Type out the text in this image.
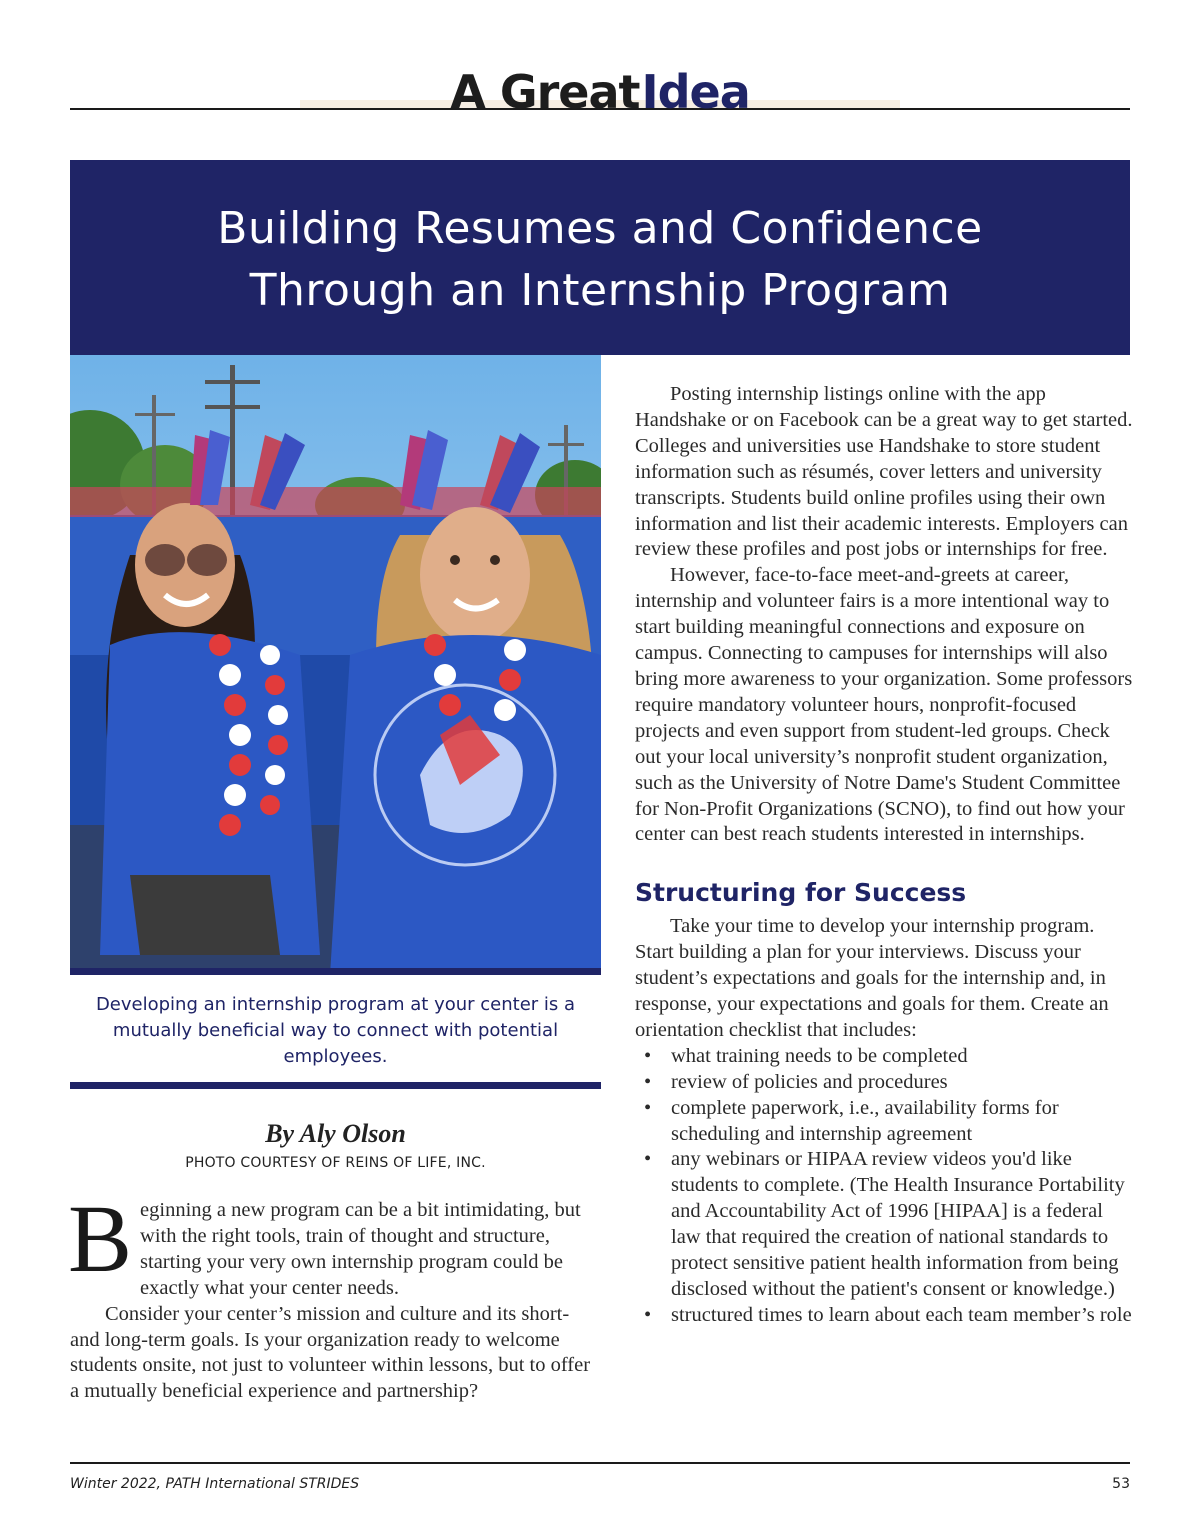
A GreatIdea
Building Resumes and Confidence
Through an Internship Program
Developing an internship program at your center is a mutually beneficial way to connect with potential employees.
By Aly Olson
PHOTO COURTESY OF REINS OF LIFE, INC.

Beginning a new program can be a bit intimidating, but with the right tools, train of thought and structure, starting your very own internship program could be exactly what your center needs.

Consider your center’s mission and culture and its short- and long-term goals. Is your organization ready to welcome students onsite, not just to volunteer within lessons, but to offer a mutually beneficial experience and partnership?

Posting internship listings online with the app Handshake or on Facebook can be a great way to get started. Colleges and universities use Handshake to store student information such as résumés, cover letters and university transcripts. Students build online profiles using their own information and list their academic interests. Employers can review these profiles and post jobs or internships for free.

However, face-to-face meet-and-greets at career, internship and volunteer fairs is a more intentional way to start building meaningful connections and exposure on campus. Connecting to campuses for internships will also bring more awareness to your organization. Some professors require mandatory volunteer hours, nonprofit-focused projects and even support from student-led groups. Check out your local university’s nonprofit student organization, such as the University of Notre Dame's Student Committee for Non-Profit Organizations (SCNO), to find out how your center can best reach students interested in internships.

Structuring for Success

Take your time to develop your internship program. Start building a plan for your interviews. Discuss your student’s expectations and goals for the internship and, in response, your expectations and goals for them. Create an orientation checklist that includes:

• what training needs to be completed
• review of policies and procedures
• complete paperwork, i.e., availability forms for scheduling and internship agreement
• any webinars or HIPAA review videos you'd like students to complete. (The Health Insurance Portability and Accountability Act of 1996 [HIPAA] is a federal law that required the creation of national standards to protect sensitive patient health information from being disclosed without the patient's consent or knowledge.)
• structured times to learn about each team member’s role
Winter 2022, PATH International STRIDES	53
